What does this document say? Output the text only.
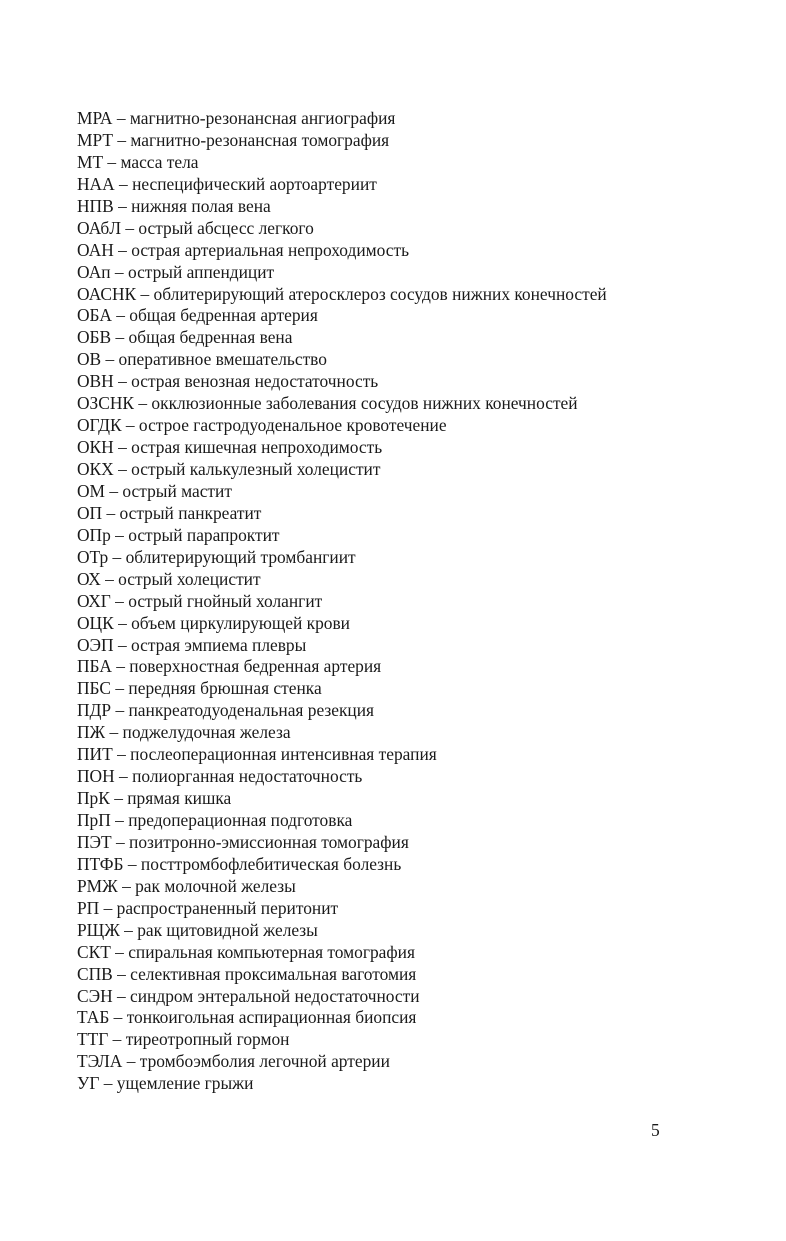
МРА – магнитно-резонансная ангиография
МРТ – магнитно-резонансная томография
МТ – масса тела
НАА – неспецифический аортоартериит
НПВ – нижняя полая вена
ОАбЛ – острый абсцесс легкого
ОАН – острая артериальная непроходимость
ОАп – острый аппендицит
ОАСНК – облитерирующий атеросклероз сосудов нижних конечностей
ОБА – общая бедренная артерия
ОБВ – общая бедренная вена
ОВ – оперативное вмешательство
ОВН – острая венозная недостаточность
ОЗСНК – окклюзионные заболевания сосудов нижних конечностей
ОГДК – острое гастродуоденальное кровотечение
ОКН – острая кишечная непроходимость
ОКХ – острый калькулезный холецистит
ОМ – острый мастит
ОП – острый панкреатит
ОПр – острый парапроктит
ОТр – облитерирующий тромбангиит
ОХ – острый холецистит
ОХГ – острый гнойный холангит
ОЦК – объем циркулирующей крови
ОЭП – острая эмпиема плевры
ПБА – поверхностная бедренная артерия
ПБС – передняя брюшная стенка
ПДР – панкреатодуоденальная резекция
ПЖ – поджелудочная железа
ПИТ – послеоперационная интенсивная терапия
ПОН – полиорганная недостаточность
ПрК – прямая кишка
ПрП – предоперационная подготовка
ПЭТ – позитронно-эмиссионная томография
ПТФБ – посттромбофлебитическая болезнь
РМЖ – рак молочной железы
РП – распространенный перитонит
РЩЖ – рак щитовидной железы
СКТ – спиральная компьютерная томография
СПВ – селективная проксимальная ваготомия
СЭН – синдром энтеральной недостаточности
ТАБ – тонкоигольная аспирационная биопсия
ТТГ – тиреотропный гормон
ТЭЛА – тромбоэмболия легочной артерии
УГ – ущемление грыжи
5
